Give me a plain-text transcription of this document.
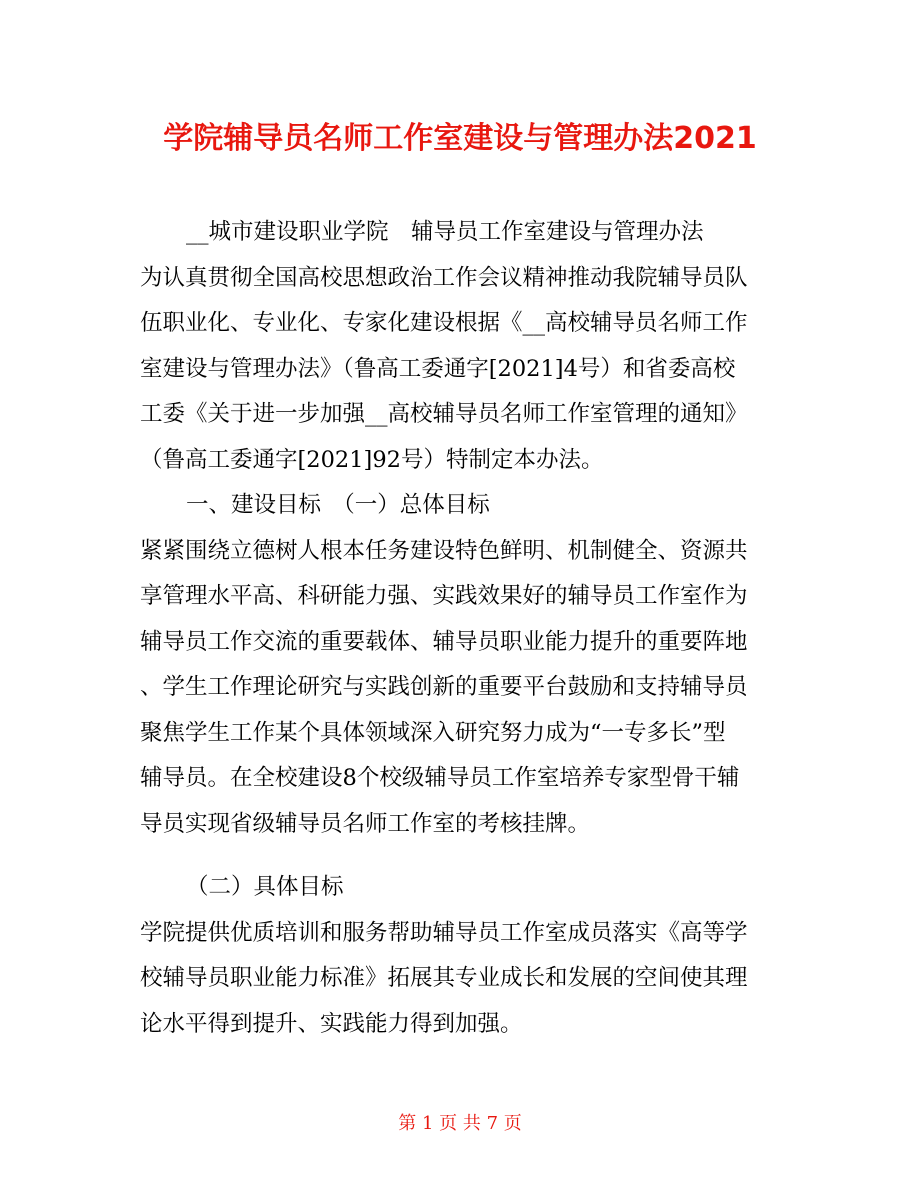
学院辅导员名师工作室建设与管理办法2021
__城市建设职业学院　辅导员工作室建设与管理办法
为认真贯彻全国高校思想政治工作会议精神推动我院辅导员队
伍职业化、专业化、专家化建设根据《__高校辅导员名师工作
室建设与管理办法》（鲁高工委通字[2021]4号）和省委高校
工委《关于进一步加强__高校辅导员名师工作室管理的通知》
（鲁高工委通字[2021]92号）特制定本办法。
一、建设目标　（一）总体目标
紧紧围绕立德树人根本任务建设特色鲜明、机制健全、资源共
享管理水平高、科研能力强、实践效果好的辅导员工作室作为
辅导员工作交流的重要载体、辅导员职业能力提升的重要阵地
、学生工作理论研究与实践创新的重要平台鼓励和支持辅导员
聚焦学生工作某个具体领域深入研究努力成为“一专多长”型
辅导员。在全校建设8个校级辅导员工作室培养专家型骨干辅
导员实现省级辅导员名师工作室的考核挂牌。
（二）具体目标
学院提供优质培训和服务帮助辅导员工作室成员落实《高等学
校辅导员职业能力标准》拓展其专业成长和发展的空间使其理
论水平得到提升、实践能力得到加强。
第 1 页 共 7 页
